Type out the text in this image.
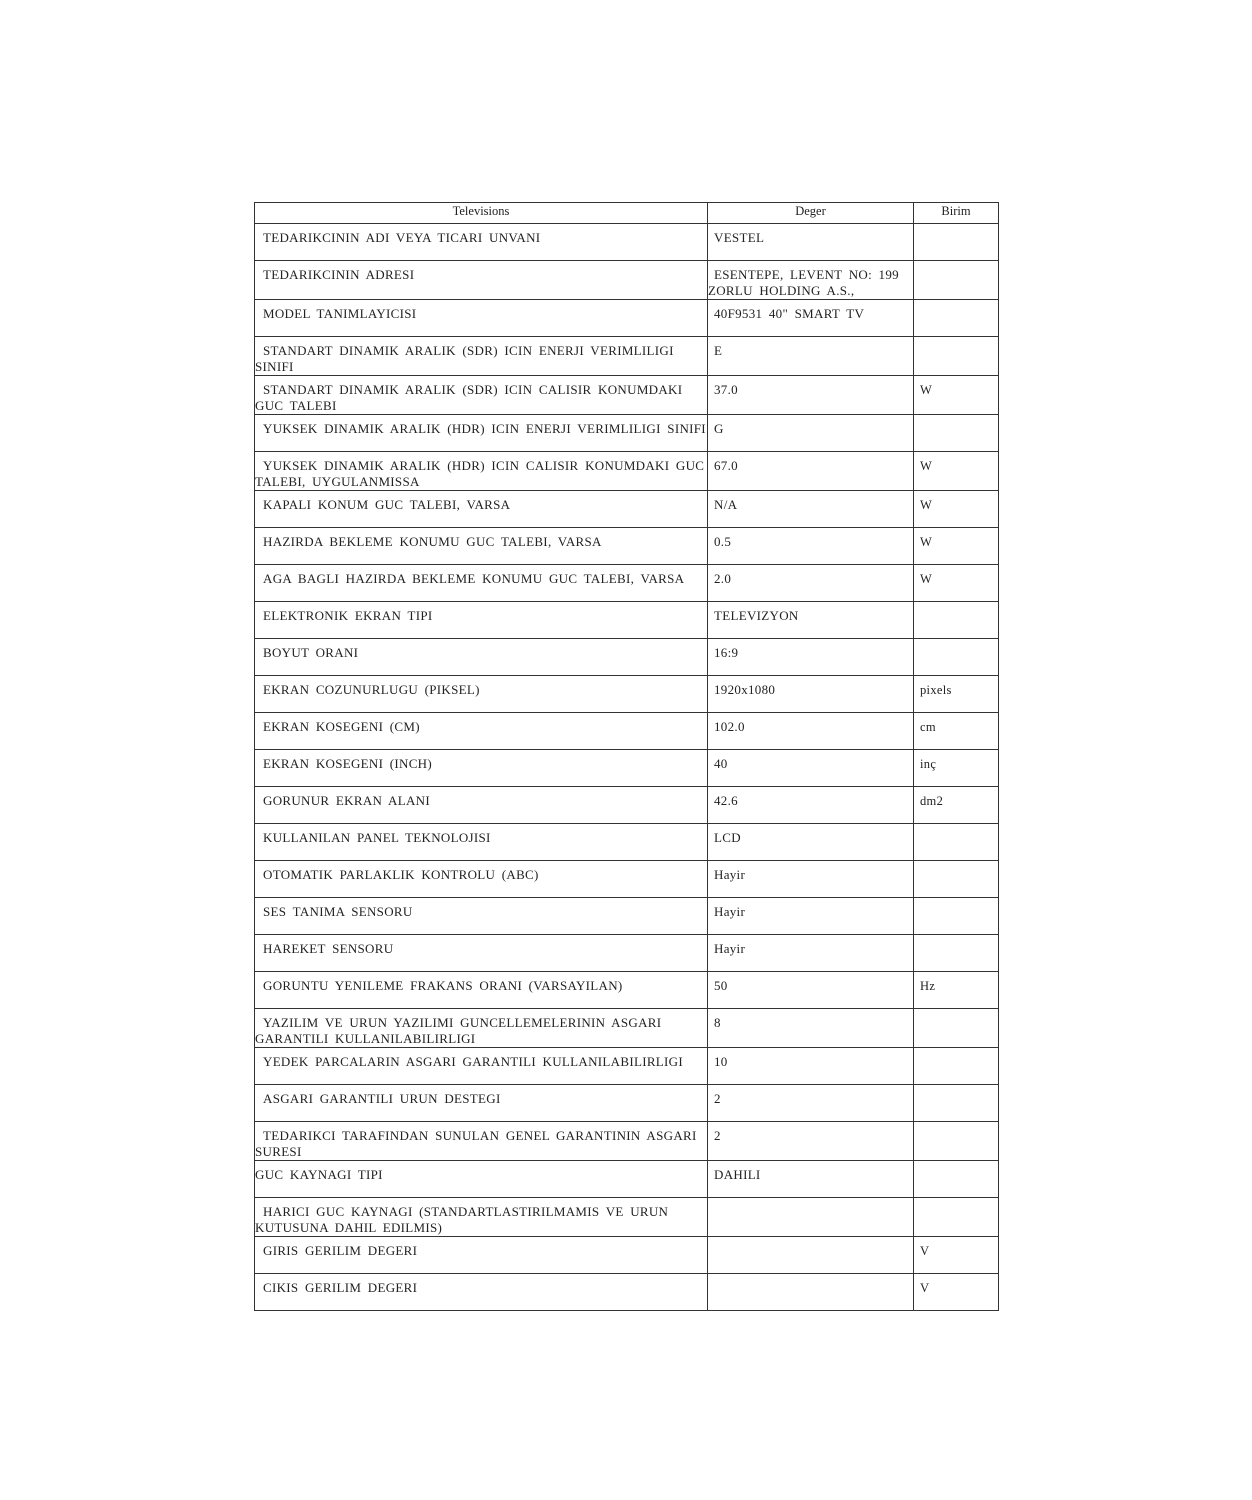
Televisions	Deger	Birim

TEDARIKCININ ADI VEYA TICARI UNVANI	VESTEL	

TEDARIKCININ ADRESI	ESENTEPE, LEVENT NO: 199 ZORLU HOLDING A.S.,	

MODEL TANIMLAYICISI	40F9531 40" SMART TV	

STANDART DINAMIK ARALIK (SDR) ICIN ENERJI VERIMLILIGI SINIFI	E	

STANDART DINAMIK ARALIK (SDR) ICIN CALISIR KONUMDAKI GUC TALEBI	37.0	W

YUKSEK DINAMIK ARALIK (HDR) ICIN ENERJI VERIMLILIGI SINIFI	G	

YUKSEK DINAMIK ARALIK (HDR) ICIN CALISIR KONUMDAKI GUC TALEBI, UYGULANMISSA	67.0	W

KAPALI KONUM GUC TALEBI, VARSA	N/A	W

HAZIRDA BEKLEME KONUMU GUC TALEBI, VARSA	0.5	W

AGA BAGLI HAZIRDA BEKLEME KONUMU GUC TALEBI, VARSA	2.0	W

ELEKTRONIK EKRAN TIPI	TELEVIZYON	

BOYUT ORANI	16:9	

EKRAN COZUNURLUGU (PIKSEL)	1920x1080	pixels

EKRAN KOSEGENI (CM)	102.0	cm

EKRAN KOSEGENI (INCH)	40	inç

GORUNUR EKRAN ALANI	42.6	dm2

KULLANILAN PANEL TEKNOLOJISI	LCD	

OTOMATIK PARLAKLIK KONTROLU (ABC)	Hayir	

SES TANIMA SENSORU	Hayir	

HAREKET SENSORU	Hayir	

GORUNTU YENILEME FRAKANS ORANI (VARSAYILAN)	50	Hz

YAZILIM VE URUN YAZILIMI GUNCELLEMELERININ ASGARI GARANTILI KULLANILABILIRLIGI	8	

YEDEK PARCALARIN ASGARI GARANTILI KULLANILABILIRLIGI	10	

ASGARI GARANTILI URUN DESTEGI	2	

TEDARIKCI TARAFINDAN SUNULAN GENEL GARANTININ ASGARI SURESI	2	

GUC KAYNAGI TIPI	DAHILI	

HARICI GUC KAYNAGI (STANDARTLASTIRILMAMIS VE URUN KUTUSUNA DAHIL EDILMIS)		

GIRIS GERILIM DEGERI		V

CIKIS GERILIM DEGERI		V
